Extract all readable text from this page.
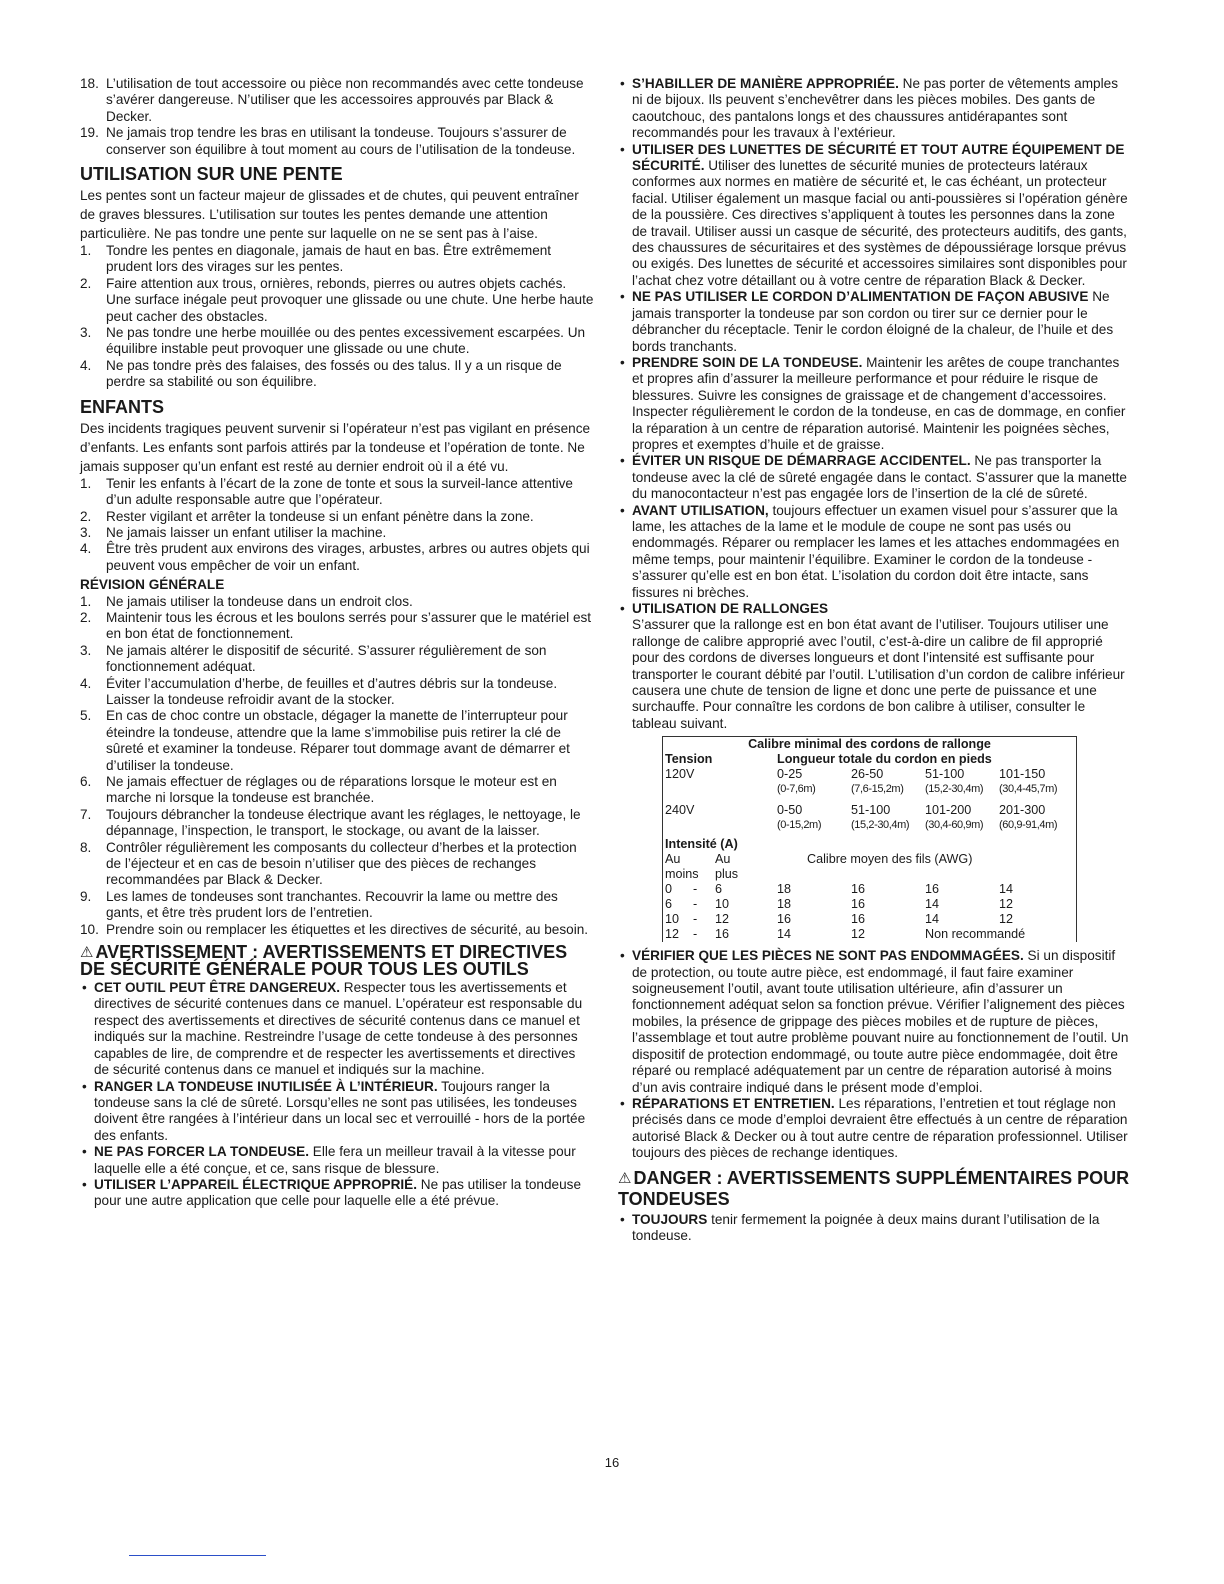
18. L’utilisation de tout accessoire ou pièce non recommandés avec cette tondeuse s’avérer dangereuse. N’utiliser que les accessoires approuvés par Black & Decker.
19. Ne jamais trop tendre les bras en utilisant la tondeuse. Toujours s’assurer de conserver son équilibre à tout moment au cours de l’utilisation de la tondeuse.
UTILISATION SUR UNE PENTE

Les pentes sont un facteur majeur de glissades et de chutes, qui peuvent entraîner de graves blessures. L’utilisation sur toutes les pentes demande une attention particulière. Ne pas tondre une pente sur laquelle on ne se sent pas à l’aise.

1. Tondre les pentes en diagonale, jamais de haut en bas. Être extrêmement prudent lors des virages sur les pentes.
2. Faire attention aux trous, ornières, rebonds, pierres ou autres objets cachés. Une surface inégale peut provoquer une glissade ou une chute. Une herbe haute peut cacher des obstacles.
3. Ne pas tondre une herbe mouillée ou des pentes excessivement escarpées. Un équilibre instable peut provoquer une glissade ou une chute.
4. Ne pas tondre près des falaises, des fossés ou des talus. Il y a un risque de perdre sa stabilité ou son équilibre.
ENFANTS

Des incidents tragiques peuvent survenir si l’opérateur n’est pas vigilant en présence d’enfants. Les enfants sont parfois attirés par la tondeuse et l’opération de tonte. Ne jamais supposer qu’un enfant est resté au dernier endroit où il a été vu.

1. Tenir les enfants à l’écart de la zone de tonte et sous la surveil-lance attentive d’un adulte responsable autre que l’opérateur.
2. Rester vigilant et arrêter la tondeuse si un enfant pénètre dans la zone.
3. Ne jamais laisser un enfant utiliser la machine.
4. Être très prudent aux environs des virages, arbustes, arbres ou autres objets qui peuvent vous empêcher de voir un enfant.
RÉVISION GÉNÉRALE
1. Ne jamais utiliser la tondeuse dans un endroit clos.
2. Maintenir tous les écrous et les boulons serrés pour s’assurer que le matériel est en bon état de fonctionnement.
3. Ne jamais altérer le dispositif de sécurité. S’assurer régulièrement de son fonctionnement adéquat.
4. Éviter l’accumulation d’herbe, de feuilles et d’autres débris sur la tondeuse. Laisser la tondeuse refroidir avant de la stocker.
5. En cas de choc contre un obstacle, dégager la manette de l’interrupteur pour éteindre la tondeuse, attendre que la lame s’immobilise puis retirer la clé de sûreté et examiner la tondeuse. Réparer tout dommage avant de démarrer et d’utiliser la tondeuse.
6. Ne jamais effectuer de réglages ou de réparations lorsque le moteur est en marche ni lorsque la tondeuse est branchée.
7. Toujours débrancher la tondeuse électrique avant les réglages, le nettoyage, le dépannage, l’inspection, le transport, le stockage, ou avant de la laisser.
8. Contrôler régulièrement les composants du collecteur d’herbes et la protection de l’éjecteur et en cas de besoin n’utiliser que des pièces de rechanges recommandées par Black & Decker.
9. Les lames de tondeuses sont tranchantes. Recouvrir la lame ou mettre des gants, et être très prudent lors de l’entretien.
10. Prendre soin ou remplacer les étiquettes et les directives de sécurité, au besoin.
⚠ AVERTISSEMENT : AVERTISSEMENTS ET DIRECTIVES DE SÉCURITÉ GÉNÉRALE POUR TOUS LES OUTILS
• CET OUTIL PEUT ÊTRE DANGEREUX. Respecter tous les avertissements et directives de sécurité contenues dans ce manuel. L’opérateur est responsable du respect des avertissements et directives de sécurité contenus dans ce manuel et indiqués sur la machine. Restreindre l’usage de cette tondeuse à des personnes capables de lire, de comprendre et de respecter les avertissements et directives de sécurité contenus dans ce manuel et indiqués sur la machine.
• RANGER LA TONDEUSE INUTILISÉE À L’INTÉRIEUR. Toujours ranger la tondeuse sans la clé de sûreté. Lorsqu’elles ne sont pas utilisées, les tondeuses doivent être rangées à l’intérieur dans un local sec et verrouillé - hors de la portée des enfants.
• NE PAS FORCER LA TONDEUSE. Elle fera un meilleur travail à la vitesse pour laquelle elle a été conçue, et ce, sans risque de blessure.
• UTILISER L’APPAREIL ÉLECTRIQUE APPROPRIÉ. Ne pas utiliser la tondeuse pour une autre application que celle pour laquelle elle a été prévue.
• S’HABILLER DE MANIÈRE APPROPRIÉE. Ne pas porter de vêtements amples ni de bijoux. Ils peuvent s’enchevêtrer dans les pièces mobiles. Des gants de caoutchouc, des pantalons longs et des chaussures antidérapantes sont recommandés pour les travaux à l’extérieur.
• UTILISER DES LUNETTES DE SÉCURITÉ ET TOUT AUTRE ÉQUIPEMENT DE SÉCURITÉ. Utiliser des lunettes de sécurité munies de protecteurs latéraux conformes aux normes en matière de sécurité et, le cas échéant, un protecteur facial. Utiliser également un masque facial ou anti-poussières si l’opération génère de la poussière. Ces directives s’appliquent à toutes les personnes dans la zone de travail. Utiliser aussi un casque de sécurité, des protecteurs auditifs, des gants, des chaussures de sécuritaires et des systèmes de dépoussiérage lorsque prévus ou exigés. Des lunettes de sécurité et accessoires similaires sont disponibles pour l’achat chez votre détaillant ou à votre centre de réparation Black & Decker.
• NE PAS UTILISER LE CORDON D’ALIMENTATION DE FAÇON ABUSIVE Ne jamais transporter la tondeuse par son cordon ou tirer sur ce dernier pour le débrancher du réceptacle. Tenir le cordon éloigné de la chaleur, de l’huile et des bords tranchants.
• PRENDRE SOIN DE LA TONDEUSE. Maintenir les arêtes de coupe tranchantes et propres afin d’assurer la meilleure performance et pour réduire le risque de blessures. Suivre les consignes de graissage et de changement d’accessoires. Inspecter régulièrement le cordon de la tondeuse, en cas de dommage, en confier la réparation à un centre de réparation autorisé. Maintenir les poignées sèches, propres et exemptes d’huile et de graisse.
• ÉVITER UN RISQUE DE DÉMARRAGE ACCIDENTEL. Ne pas transporter la tondeuse avec la clé de sûreté engagée dans le contact. S’assurer que la manette du manocontacteur n’est pas engagée lors de l’insertion de la clé de sûreté.
• AVANT UTILISATION, toujours effectuer un examen visuel pour s’assurer que la lame, les attaches de la lame et le module de coupe ne sont pas usés ou endommagés. Réparer ou remplacer les lames et les attaches endommagées en même temps, pour maintenir l’équilibre. Examiner le cordon de la tondeuse - s’assurer qu’elle est en bon état. L’isolation du cordon doit être intacte, sans fissures ni brèches.
• UTILISATION DE RALLONGES
S’assurer que la rallonge est en bon état avant de l’utiliser. Toujours utiliser une rallonge de calibre approprié avec l’outil, c’est-à-dire un calibre de fil approprié pour des cordons de diverses longueurs et dont l’intensité est suffisante pour transporter le courant débité par l’outil. L’utilisation d’un cordon de calibre inférieur causera une chute de tension de ligne et donc une perte de puissance et une surchauffe. Pour connaître les cordons de bon calibre à utiliser, consulter le tableau suivant.
Calibre minimal des cordons de rallonge
Tension	Longueur totale du cordon en pieds
120V	0-25	26-50	51-100	101-150
(0-7,6m)	(7,6-15,2m)	(15,2-30,4m)	(30,4-45,7m)
240V	0-50	51-100	101-200	201-300
(0-15,2m)	(15,2-30,4m)	(30,4-60,9m)	(60,9-91,4m)
Intensité (A)
Au	Au	Calibre moyen des fils (AWG)
moins	plus
0	-	6	18	16	16	14
6	-	10	18	16	14	12
10	-	12	16	16	14	12
12	-	16	14	12	Non recommandé
• VÉRIFIER QUE LES PIÈCES NE SONT PAS ENDOMMAGÉES. Si un dispositif de protection, ou toute autre pièce, est endommagé, il faut faire examiner soigneusement l’outil, avant toute utilisation ultérieure, afin d’assurer un fonctionnement adéquat selon sa fonction prévue. Vérifier l’alignement des pièces mobiles, la présence de grippage des pièces mobiles et de rupture de pièces, l’assemblage et tout autre problème pouvant nuire au fonctionnement de l’outil. Un dispositif de protection endommagé, ou toute autre pièce endommagée, doit être réparé ou remplacé adéquatement par un centre de réparation autorisé à moins d’un avis contraire indiqué dans le présent mode d’emploi.
• RÉPARATIONS ET ENTRETIEN. Les réparations, l’entretien et tout réglage non précisés dans ce mode d’emploi devraient être effectués à un centre de réparation autorisé Black & Decker ou à tout autre centre de réparation professionnel. Utiliser toujours des pièces de rechange identiques.
⚠ DANGER : AVERTISSEMENTS SUPPLÉMENTAIRES POUR TONDEUSES
• TOUJOURS tenir fermement la poignée à deux mains durant l’utilisation de la tondeuse.
16
